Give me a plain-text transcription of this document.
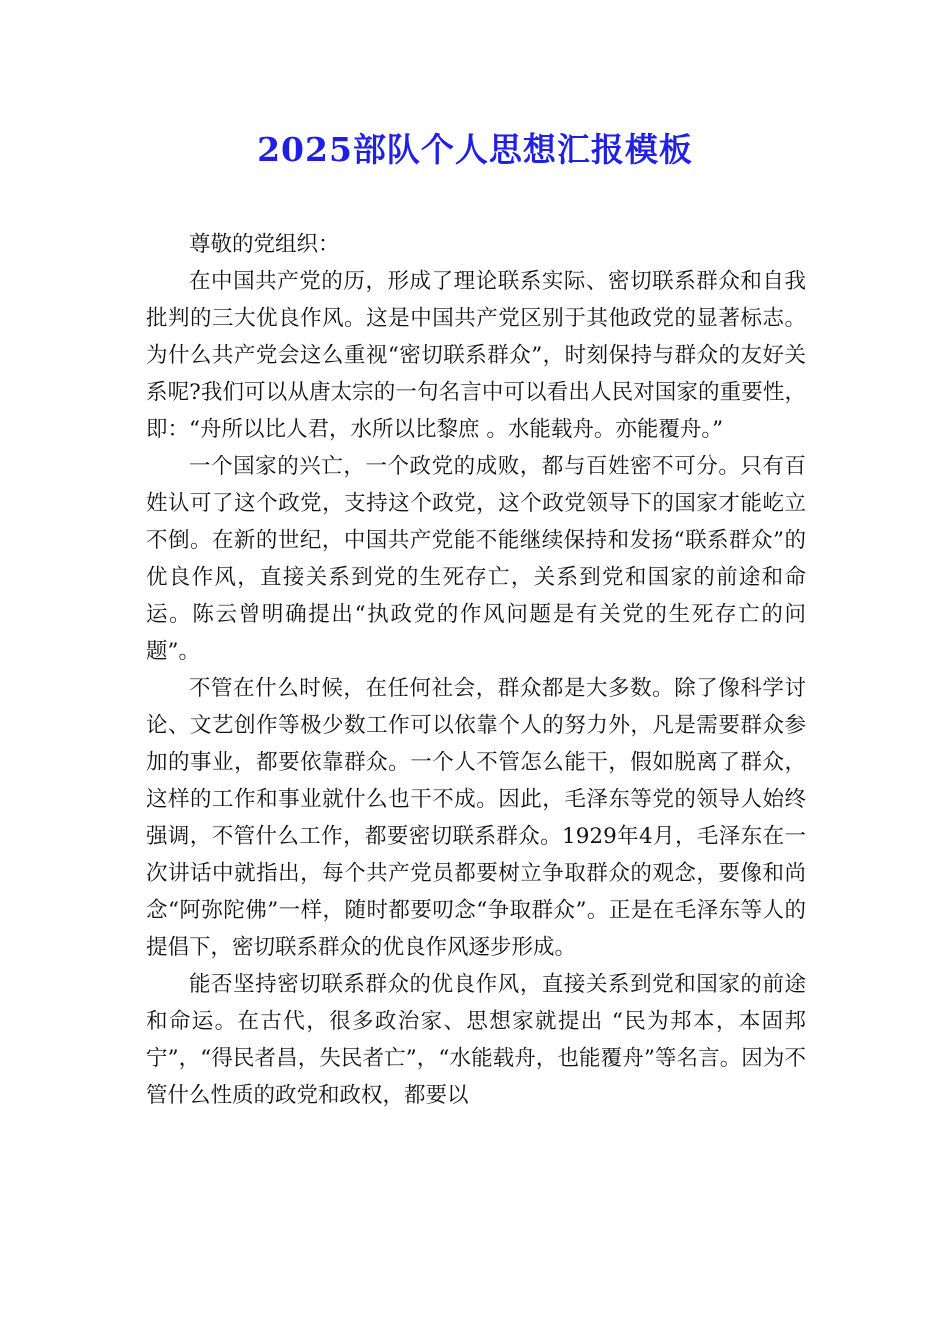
2025部队个人思想汇报模板

尊敬的党组织：

在中国共产党的历，形成了理论联系实际、密切联系群众和自我批判的三大优良作风。这是中国共产党区别于其他政党的显著标志。为什么共产党会这么重视“密切联系群众”，时刻保持与群众的友好关系呢?我们可以从唐太宗的一句名言中可以看出人民对国家的重要性，即：“舟所以比人君，水所以比黎庶 。水能载舟。亦能覆舟。”

一个国家的兴亡，一个政党的成败，都与百姓密不可分。只有百姓认可了这个政党，支持这个政党，这个政党领导下的国家才能屹立不倒。在新的世纪，中国共产党能不能继续保持和发扬“联系群众”的优良作风，直接关系到党的生死存亡，关系到党和国家的前途和命运。陈云曾明确提出“执政党的作风问题是有关党的生死存亡的问题”。

不管在什么时候，在任何社会，群众都是大多数。除了像科学讨论、文艺创作等极少数工作可以依靠个人的努力外，凡是需要群众参加的事业，都要依靠群众。一个人不管怎么能干，假如脱离了群众，这样的工作和事业就什么也干不成。因此，毛泽东等党的领导人始终强调，不管什么工作，都要密切联系群众。1929年4月，毛泽东在一次讲话中就指出，每个共产党员都要树立争取群众的观念，要像和尚念“阿弥陀佛”一样，随时都要叨念“争取群众”。正是在毛泽东等人的提倡下，密切联系群众的优良作风逐步形成。

能否坚持密切联系群众的优良作风，直接关系到党和国家的前途和命运。在古代，很多政治家、思想家就提出 “民为邦本，本固邦宁”，“得民者昌，失民者亡”，“水能载舟，也能覆舟”等名言。因为不管什么性质的政党和政权，都要以
